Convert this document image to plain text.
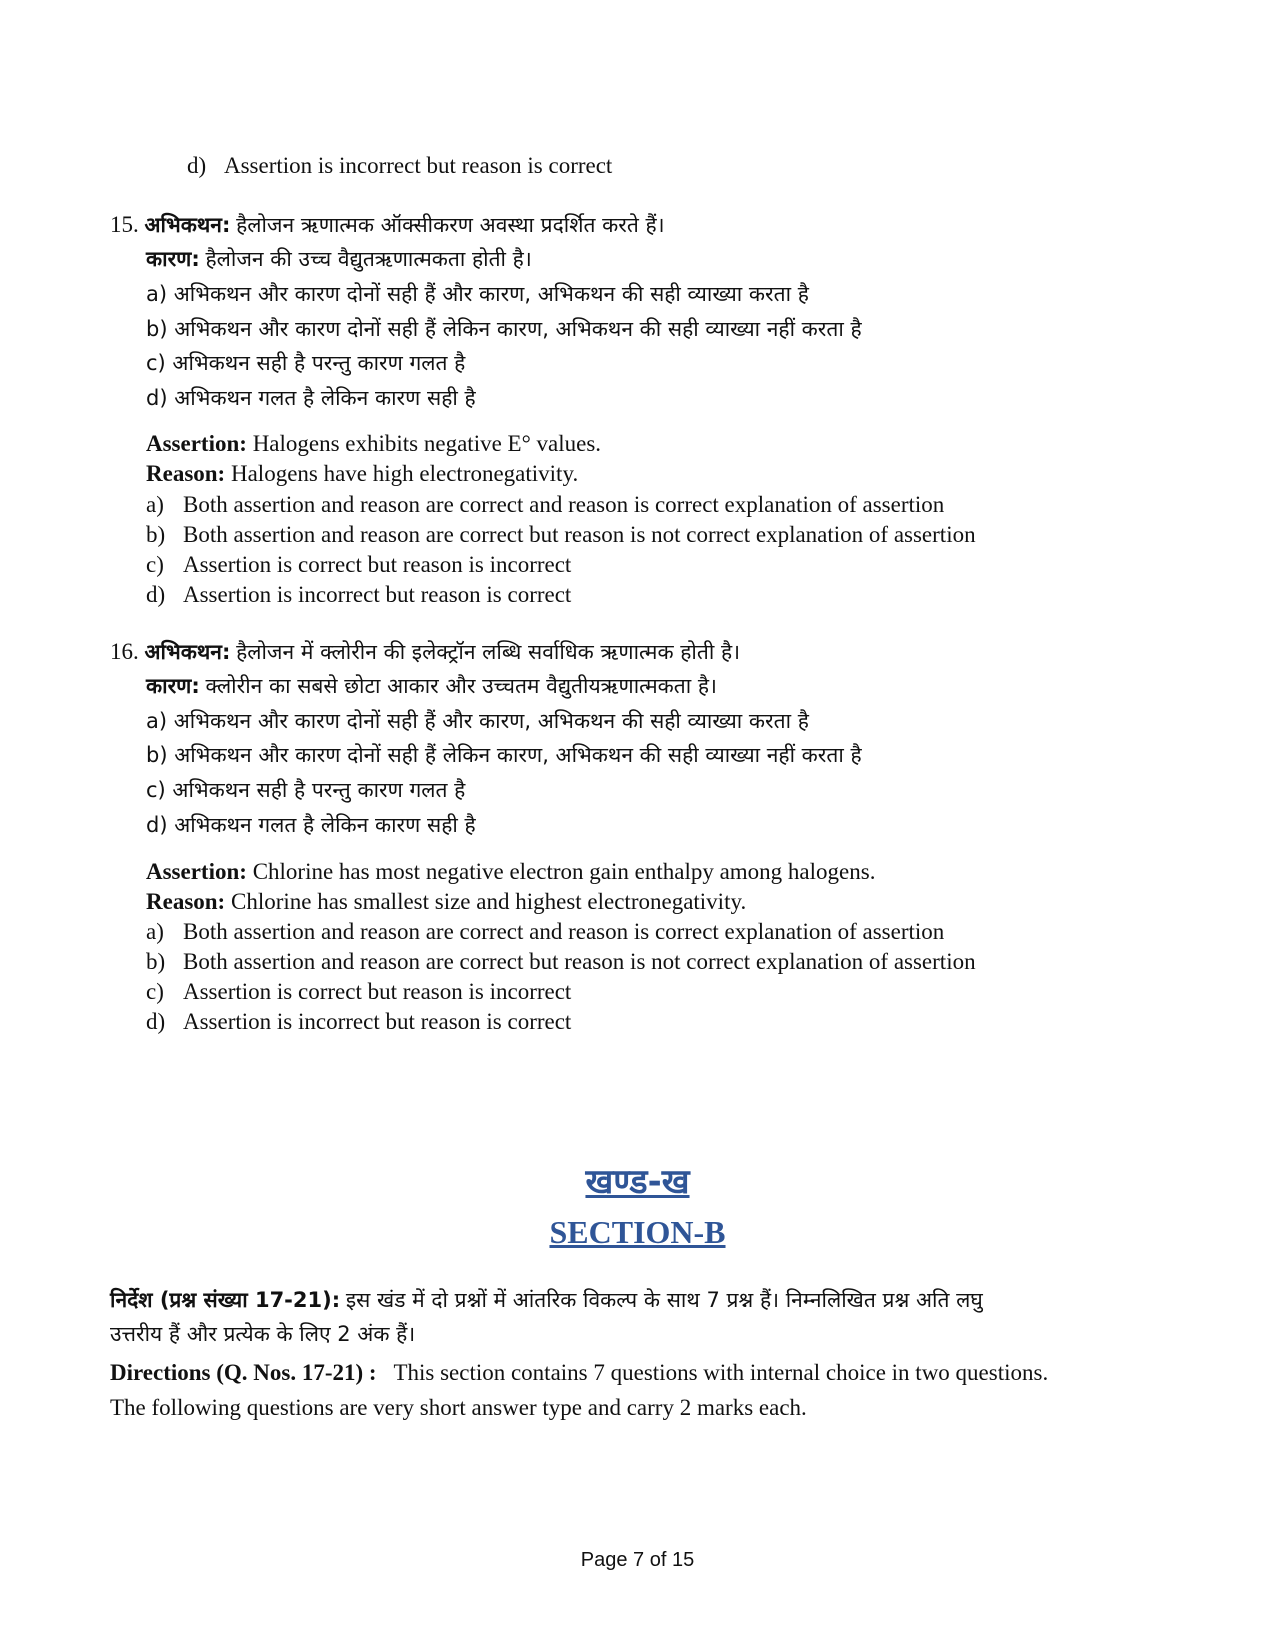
d) Assertion is incorrect but reason is correct
15. अभिकथन: हैलोजन ऋणात्मक ऑक्सीकरण अवस्था प्रदर्शित करते हैं।
कारण: हैलोजन की उच्च वैद्युतऋणात्मकता होती है।
a) अभिकथन और कारण दोनों सही हैं और कारण, अभिकथन की सही व्याख्या करता है
b) अभिकथन और कारण दोनों सही हैं लेकिन कारण, अभिकथन की सही व्याख्या नहीं करता है
c) अभिकथन सही है परन्तु कारण गलत है
d) अभिकथन गलत है लेकिन कारण सही है
Assertion: Halogens exhibits negative E° values.
Reason: Halogens have high electronegativity.
a) Both assertion and reason are correct and reason is correct explanation of assertion
b) Both assertion and reason are correct but reason is not correct explanation of assertion
c) Assertion is correct but reason is incorrect
d) Assertion is incorrect but reason is correct
16. अभिकथन: हैलोजन में क्लोरीन की इलेक्ट्रॉन लब्धि सर्वाधिक ऋणात्मक होती है।
कारण: क्लोरीन का सबसे छोटा आकार और उच्चतम वैद्युतीयऋणात्मकता है।
a) अभिकथन और कारण दोनों सही हैं और कारण, अभिकथन की सही व्याख्या करता है
b) अभिकथन और कारण दोनों सही हैं लेकिन कारण, अभिकथन की सही व्याख्या नहीं करता है
c) अभिकथन सही है परन्तु कारण गलत है
d) अभिकथन गलत है लेकिन कारण सही है
Assertion: Chlorine has most negative electron gain enthalpy among halogens.
Reason: Chlorine has smallest size and highest electronegativity.
a) Both assertion and reason are correct and reason is correct explanation of assertion
b) Both assertion and reason are correct but reason is not correct explanation of assertion
c) Assertion is correct but reason is incorrect
d) Assertion is incorrect but reason is correct
खण्ड-ख
SECTION-B
निर्देश (प्रश्न संख्या 17-21): इस खंड में दो प्रश्नों में आंतरिक विकल्प के साथ 7 प्रश्न हैं। निम्नलिखित प्रश्न अति लघु
उत्तरीय हैं और प्रत्येक के लिए 2 अंक हैं।
Directions (Q. Nos. 17-21) : This section contains 7 questions with internal choice in two questions.
The following questions are very short answer type and carry 2 marks each.
Page 7 of 15
